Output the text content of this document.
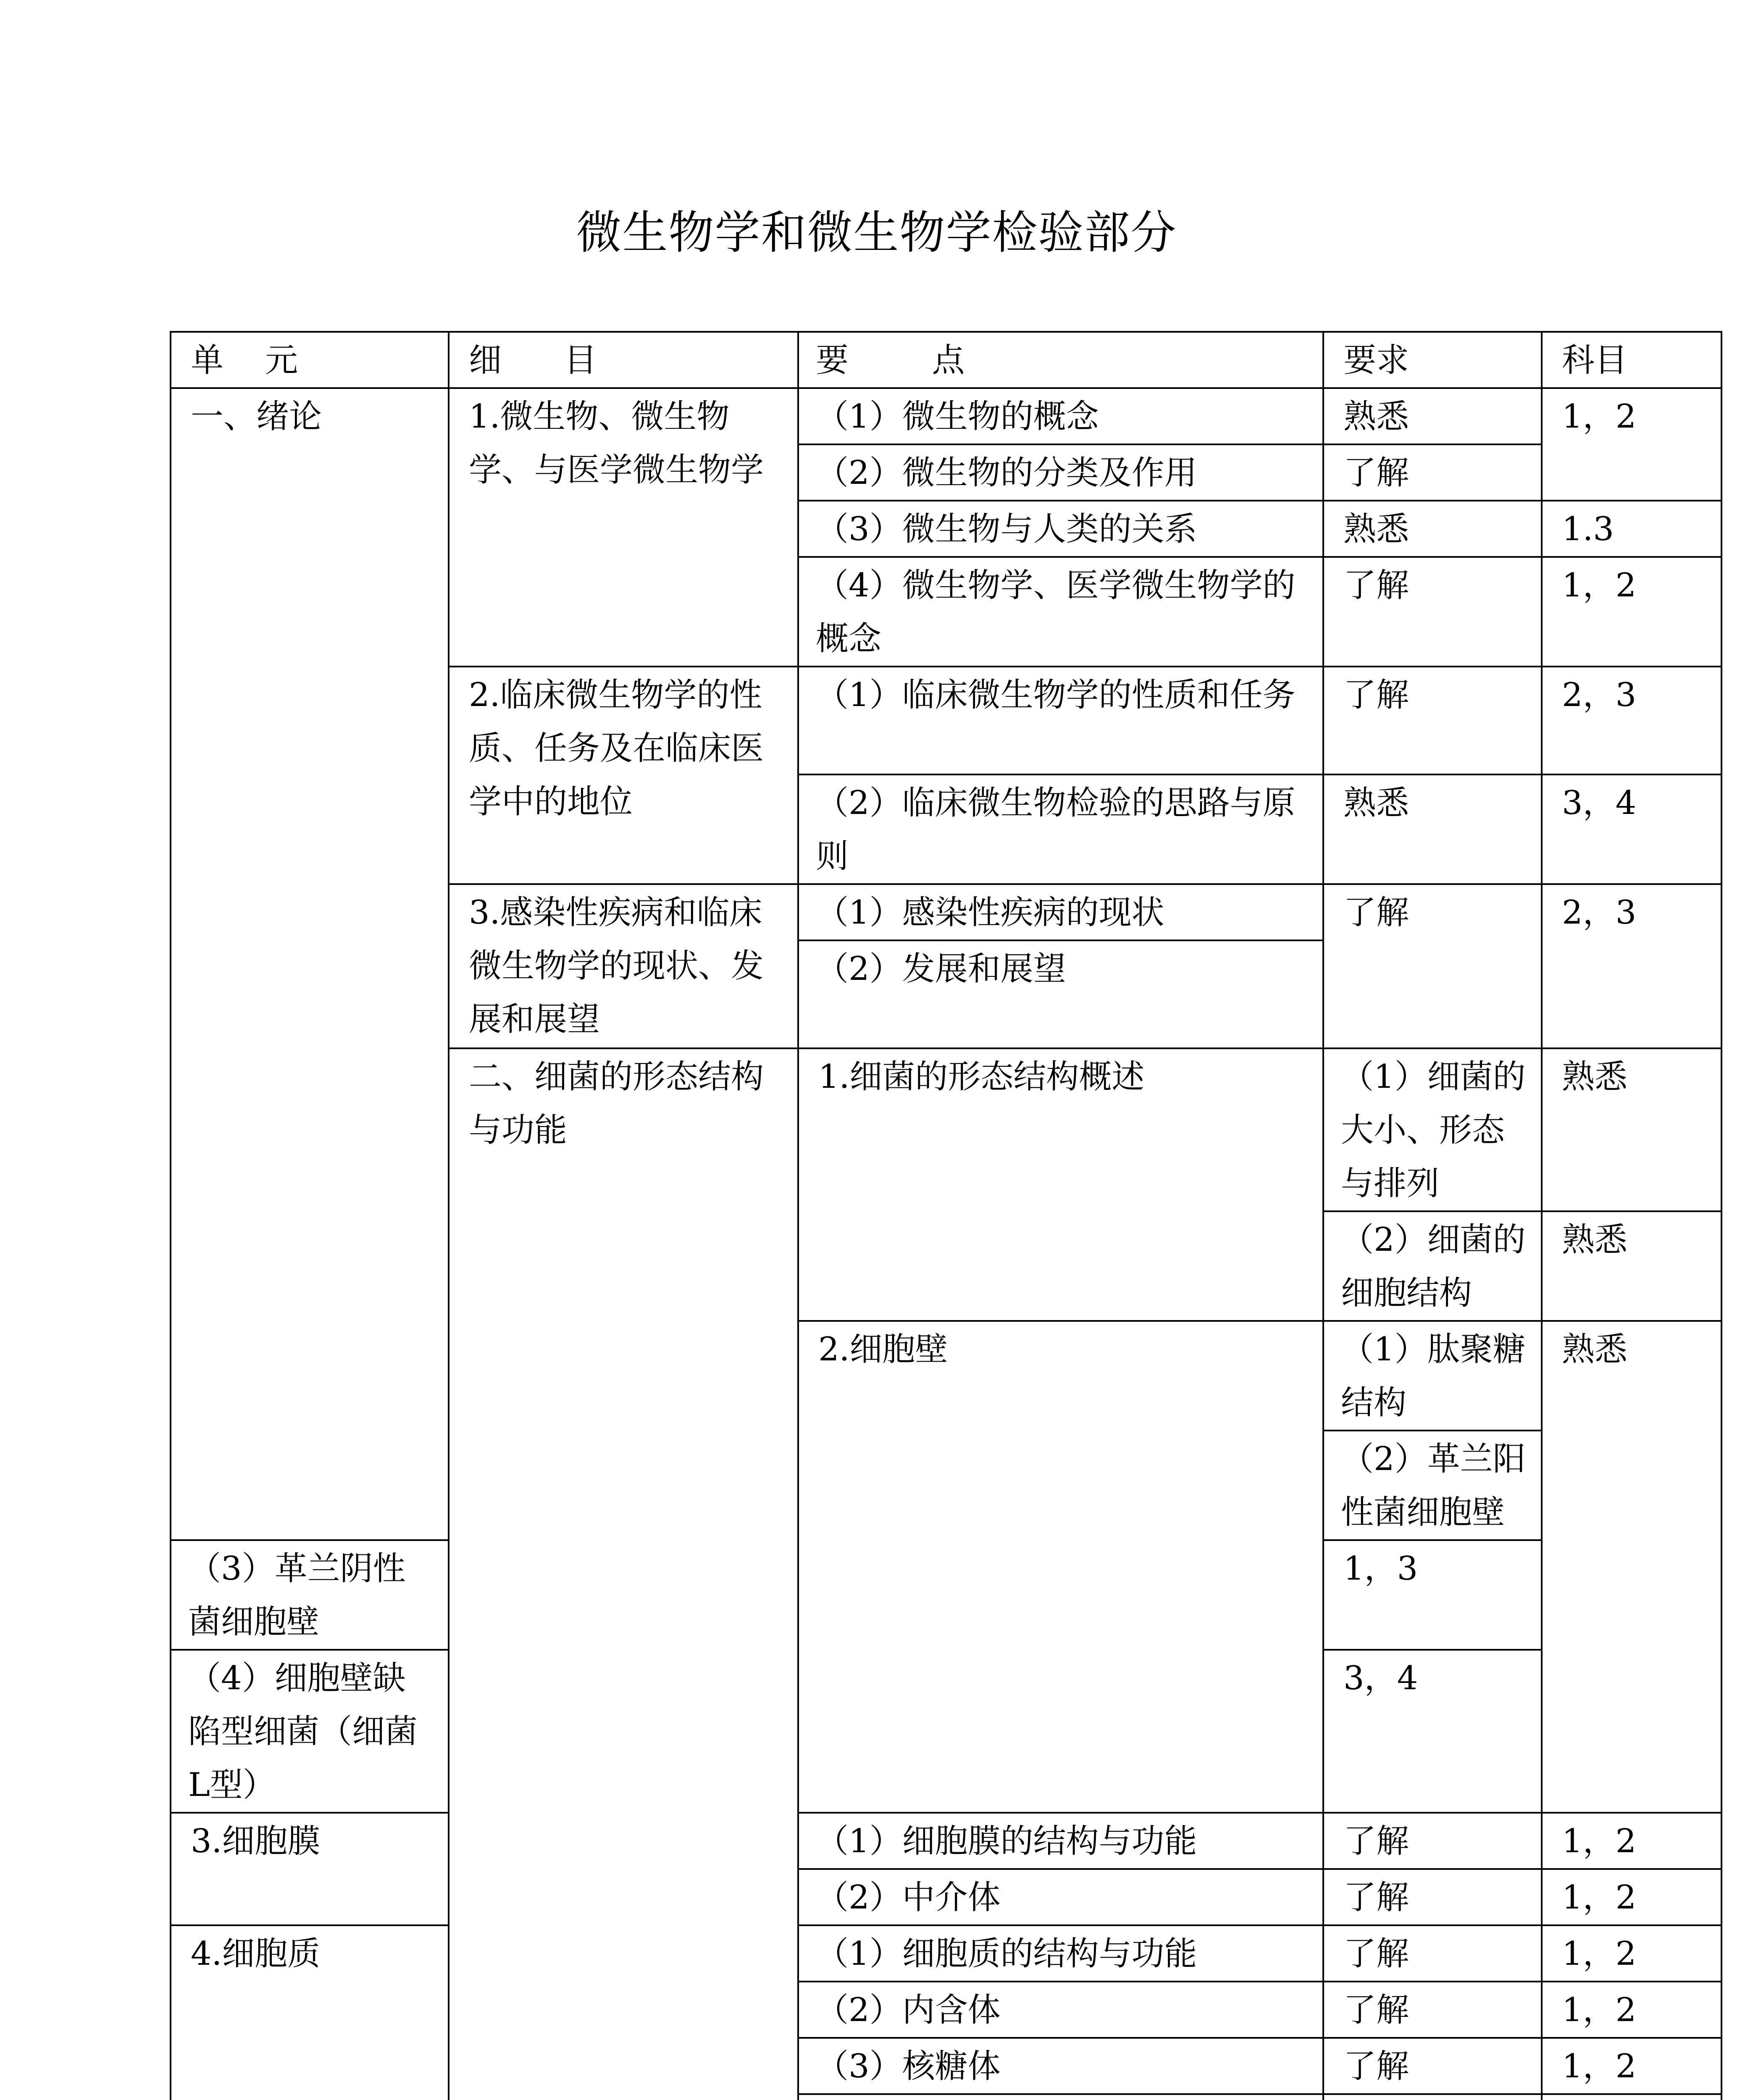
微生物学和微生物学检验部分
单    元	细      目	要        点	要求	科目	
一、绪论	1.微生物、微生物学、与医学微生物学	（1）微生物的概念	熟悉	1，2	
		（2）微生物的分类及作用	了解		
		（3）微生物与人类的关系	熟悉	1.3	
		（4）微生物学、医学微生物学的概念	了解	1，2	
	2.临床微生物学的性质、任务及在临床医学中的地位	（1）临床微生物学的性质和任务	了解	2，3	
		（2）临床微生物检验的思路与原则	熟悉	3，4	
	3.感染性疾病和临床微生物学的现状、发展和展望	（1）感染性疾病的现状	了解	2，3	
		（2）发展和展望			
	二、细菌的形态结构与功能	1.细菌的形态结构概述	（1）细菌的大小、形态与排列	熟悉	
			（2）细菌的细胞结构	熟悉	
		2.细胞壁	（1）肽聚糖结构	熟悉	
			（2）革兰阳性菌细胞壁	
（3）革兰阴性菌细胞壁			1，3		
（4）细胞壁缺陷型细菌（细菌L型）			3，4		
3.细胞膜		（1）细胞膜的结构与功能	了解	1，2	
		（2）中介体	了解	1，2	
4.细胞质		（1）细胞质的结构与功能	了解	1，2	
		（2）内含体	了解	1，2	
		（3）核糖体	了解	1，2	
